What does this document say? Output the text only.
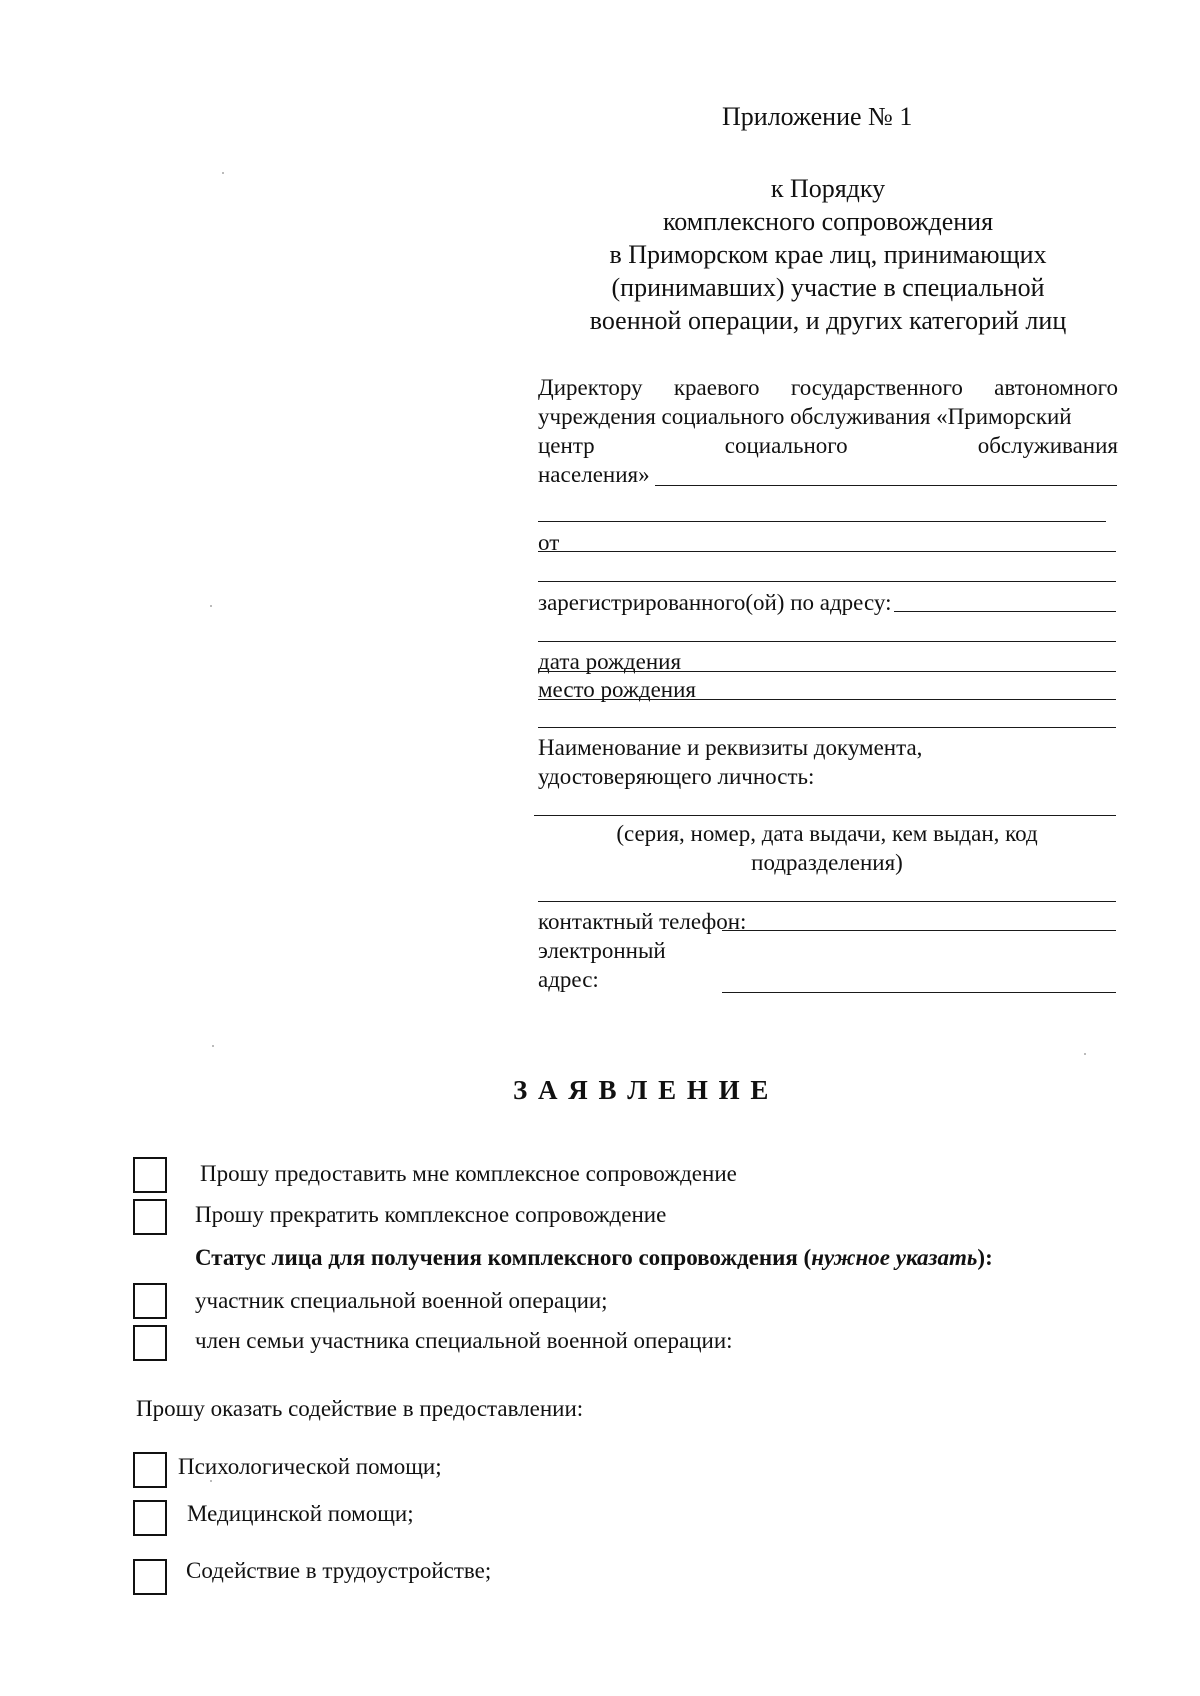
Приложение № 1
к Порядку
комплексного сопровождения
в Приморском крае лиц, принимающих
(принимавших) участие в специальной
военной операции, и других категорий лиц
Директору краевого государственного автономного
учреждения социального обслуживания «Приморский
центр	социального	обслуживания
населения»
от
зарегистрированного(ой) по адресу:
дата рождения
место рождения
Наименование и реквизиты документа,
удостоверяющего личность:
(серия, номер, дата выдачи, кем выдан, код
подразделения)
контактный телефон:
электронный
адрес:
З А Я В Л Е Н И Е
Прошу предоставить мне комплексное сопровождение
Прошу прекратить комплексное сопровождение
Статус лица для получения комплексного сопровождения (нужное указать):
участник специальной военной операции;
член семьи участника специальной военной операции:
Прошу оказать содействие в предоставлении:
Психологической помощи;
Медицинской помощи;
Содействие в трудоустройстве;
